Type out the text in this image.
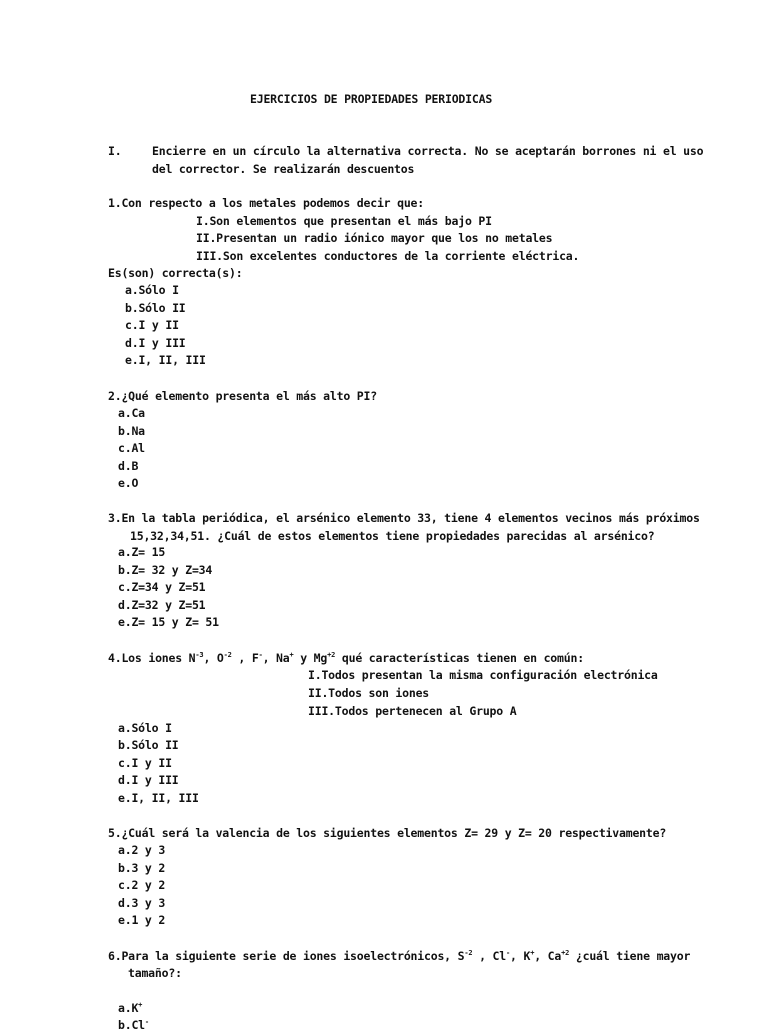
EJERCICIOS DE PROPIEDADES PERIODICAS
I.	Encierre en un círculo la alternativa correcta. No se aceptarán borrones ni el uso
del corrector. Se realizarán descuentos
1.Con respecto a los metales podemos decir que:
I.Son elementos que presentan el más bajo PI
II.Presentan un radio iónico mayor que los no metales
III.Son excelentes conductores de la corriente eléctrica.
Es(son) correcta(s):
a.Sólo I
b.Sólo II
c.I y II
d.I y III
e.I, II, III
2.¿Qué elemento presenta el más alto PI?
a.Ca
b.Na
c.Al
d.B
e.O
3.En la tabla periódica, el arsénico elemento 33, tiene 4 elementos vecinos más próximos
15,32,34,51. ¿Cuál de estos elementos tiene propiedades parecidas al arsénico?
a.Z= 15
b.Z= 32 y Z=34
c.Z=34 y Z=51
d.Z=32 y Z=51
e.Z= 15 y Z= 51
4.Los iones $N^{-3}$, $O^{-2}$ , F-, Na+ y $Mg^{+2}$ qué características tienen en común:
I.Todos presentan la misma configuración electrónica
II.Todos son iones
III.Todos pertenecen al Grupo A
a.Sólo I
b.Sólo II
c.I y II
d.I y III
e.I, II, III
5.¿Cuál será la valencia de los siguientes elementos Z= 29 y Z= 20 respectivamente?
a.2 y 3
b.3 y 2
c.2 y 2
d.3 y 3
e.1 y 2
6.Para la siguiente serie de iones isoelectrónicos, $S^{-2}$ , Cl-, K+, $Ca^{+2}$ ¿cuál tiene mayor
tamaño?:
a.K+
b.Cl-
